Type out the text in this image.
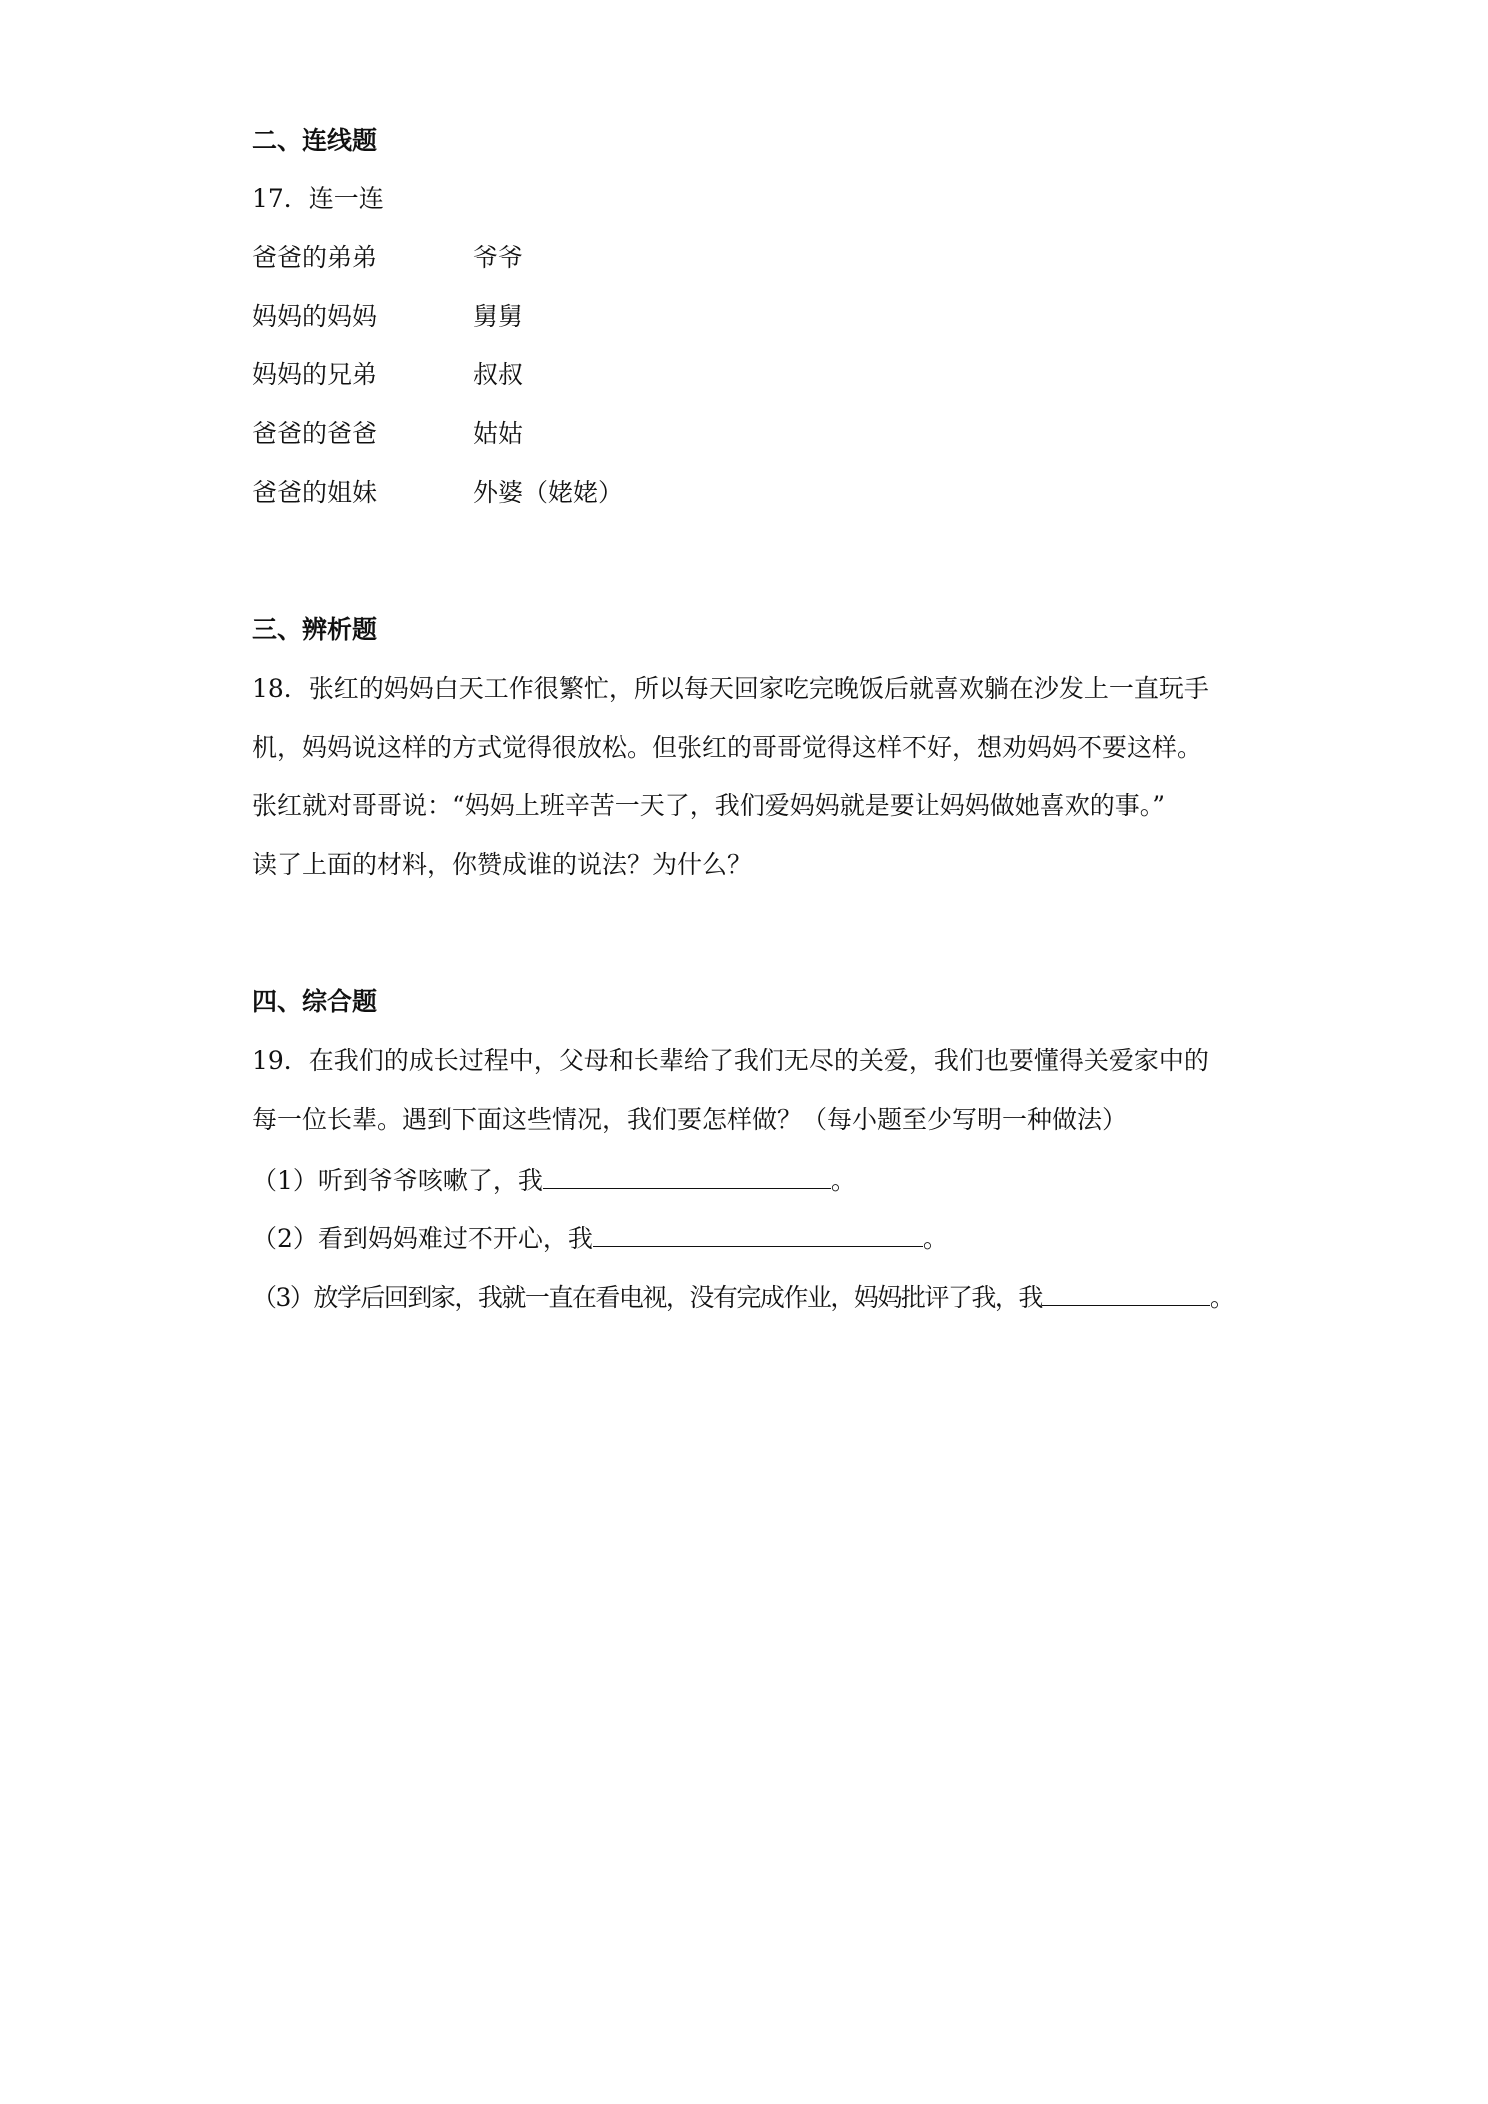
二、连线题
17．连一连
爸爸的弟弟	爷爷
妈妈的妈妈	舅舅
妈妈的兄弟	叔叔
爸爸的爸爸	姑姑
爸爸的姐妹	外婆（姥姥）
三、辨析题
18．张红的妈妈白天工作很繁忙，所以每天回家吃完晚饭后就喜欢躺在沙发上一直玩手
机，妈妈说这样的方式觉得很放松。但张红的哥哥觉得这样不好，想劝妈妈不要这样。
张红就对哥哥说：“妈妈上班辛苦一天了，我们爱妈妈就是要让妈妈做她喜欢的事。”
读了上面的材料，你赞成谁的说法？为什么？
四、综合题
19．在我们的成长过程中，父母和长辈给了我们无尽的关爱，我们也要懂得关爱家中的
每一位长辈。遇到下面这些情况，我们要怎样做？（每小题至少写明一种做法）
（1）听到爷爷咳嗽了，我	。
（2）看到妈妈难过不开心，我	。
（3）放学后回到家，我就一直在看电视，没有完成作业，妈妈批评了我，我	。
